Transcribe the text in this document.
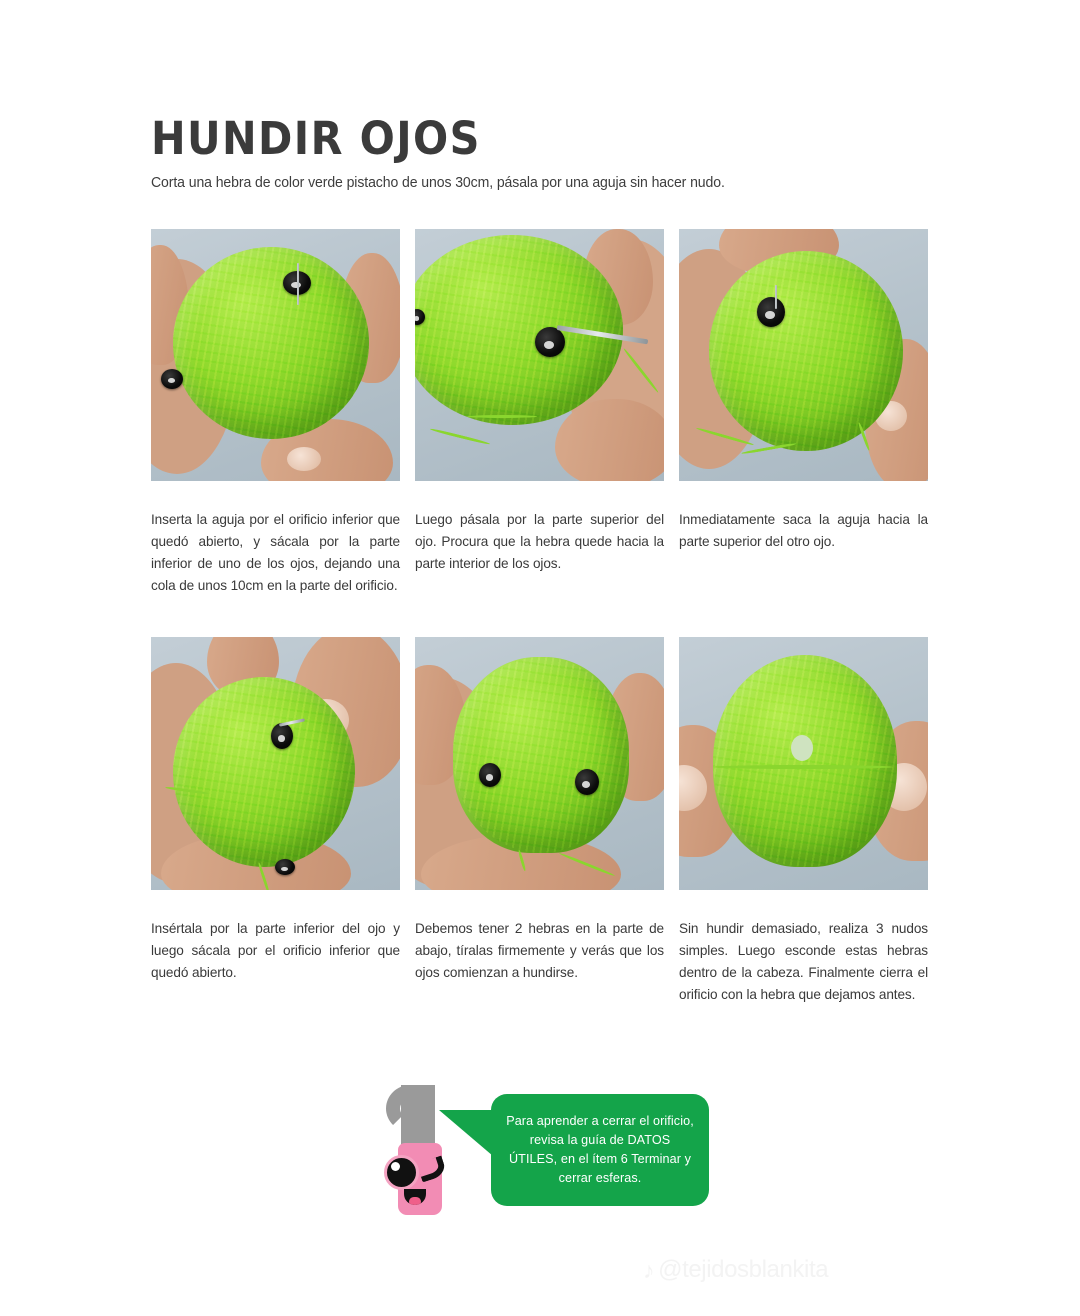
HUNDIR OJOS

Corta una hebra de color verde pistacho de unos 30cm, pásala por una aguja sin hacer nudo.

Inserta la aguja por el orificio inferior que quedó abierto, y sácala por la parte inferior de uno de los ojos, dejando una cola de unos 10cm en la parte del orificio.

Luego pásala por la parte superior del ojo. Procura que la hebra quede hacia la parte interior de los ojos.

Inmediatamente saca la aguja hacia la parte superior del otro ojo.

Insértala por la parte inferior del ojo y luego sácala por el orificio inferior que quedó abierto.

Debemos tener 2 hebras en la parte de abajo, tíralas firmemente y verás que los ojos comienzan a hundirse.

Sin hundir demasiado, realiza 3 nudos simples. Luego esconde estas hebras dentro de la cabeza. Finalmente cierra el orificio con la hebra que dejamos antes.

Para aprender a cerrar el orificio, revisa la guía de DATOS ÚTILES, en el ítem 6 Terminar y cerrar esferas.
♪ @tejidosblankita
